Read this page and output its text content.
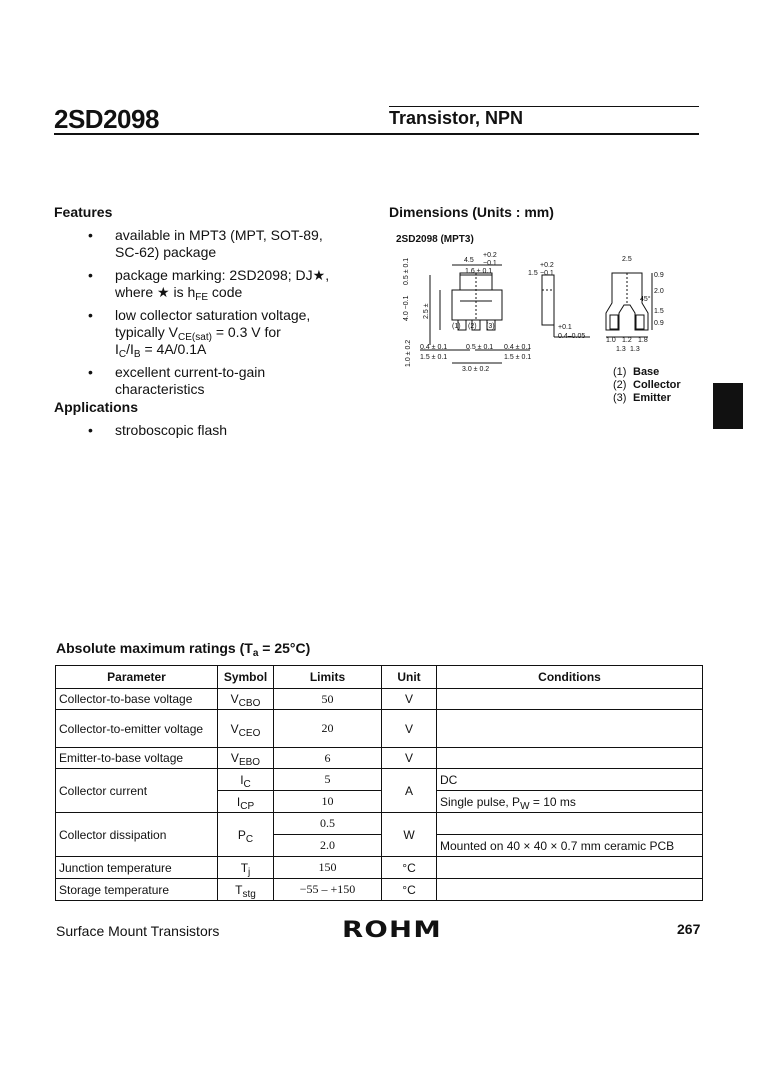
2SD2098	Transistor, NPN
Features
• available in MPT3 (MPT, SOT-89,
SC-62) package
• package marking: 2SD2098; DJ★,
where ★ is $h_{FE}$ code
• low collector saturation voltage,
typically $V_{CE(sat)} = 0.3$ V for
$I_C/I_B = 4A/0.1A$
• excellent current-to-gain
characteristics
Applications
• stroboscopic flash
Dimensions (Units : mm)
2SD2098 (MPT3)
4.5
+0.2
−0.1
1.6 ± 0.1
0.5 ± 0.1
4.0 −0.1 2.5 ±
1.5
+0.2
−0.1
+0.1
0.4–0.05
1.0 ± 0.2
(1) (2) (3)
0.4 ± 0.1	0.5 ± 0.1 0.4 ± 0.1
1.5 ± 0.1	1.5 ± 0.1
3.0 ± 0.2
2.5
0.9
2.0
45°
1.5
0.9
1.0 1.2 1.8
1.3 1.3
(1) Base
(2) Collector
(3) Emitter
Absolute maximum ratings $(T_a = 25^\circ C)$
Parameter	Symbol	Limits	Unit	Conditions
Collector-to-base voltage	$V_{CBO}$	50	V	
Collector-to-emitter voltage	$V_{CEO}$	20	V	
Emitter-to-base voltage	$V_{EBO}$	6	V	
Collector current	$I_C$	5	A	DC
	$I_{CP}$	10		Single pulse, $P_W = 10$ ms
Collector dissipation	$P_C$	0.5	W	
		2.0		Mounted on 40 × 40 × 0.7 mm ceramic PCB
Junction temperature	$T_j$	150	°C	
Storage temperature	$T_{stg}$	−55 – +150	°C	
Surface Mount Transistors	ROHM	267
